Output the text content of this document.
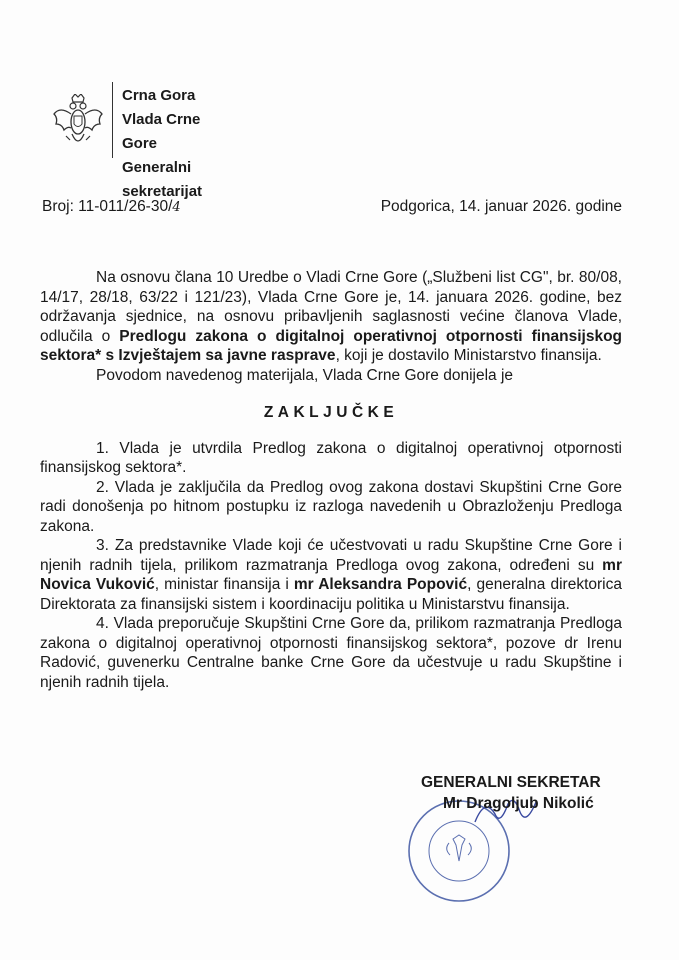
Crna Gora
Vlada Crne Gore
Generalni sekretarijat
Broj: 11-011/26-30/4	Podgorica, 14. januar 2026. godine

Na osnovu člana 10 Uredbe o Vladi Crne Gore („Službeni list CG", br. 80/08, 14/17, 28/18, 63/22 i 121/23), Vlada Crne Gore je, 14. januara 2026. godine, bez održavanja sjednice, na osnovu pribavljenih saglasnosti većine članova Vlade, odlučila o Predlogu zakona o digitalnoj operativnoj otpornosti finansijskog sektora* s Izvještajem sa javne rasprave, koji je dostavilo Ministarstvo finansija.

Povodom navedenog materijala, Vlada Crne Gore donijela je

ZAKLJUČKE

1. Vlada je utvrdila Predlog zakona o digitalnoj operativnoj otpornosti finansijskog sektora*.

2. Vlada je zaključila da Predlog ovog zakona dostavi Skupštini Crne Gore radi donošenja po hitnom postupku iz razloga navedenih u Obrazloženju Predloga zakona.

3. Za predstavnike Vlade koji će učestvovati u radu Skupštine Crne Gore i njenih radnih tijela, prilikom razmatranja Predloga ovog zakona, određeni su mr Novica Vuković, ministar finansija i mr Aleksandra Popović, generalna direktorica Direktorata za finansijski sistem i koordinaciju politika u Ministarstvu finansija.

4. Vlada preporučuje Skupštini Crne Gore da, prilikom razmatranja Predloga zakona o digitalnoj operativnoj otpornosti finansijskog sektora*, pozove dr Irenu Radović, guvenerku Centralne banke Crne Gore da učestvuje u radu Skupštine i njenih radnih tijela.

GENERALNI SEKRETAR
Mr Dragoljub Nikolić
